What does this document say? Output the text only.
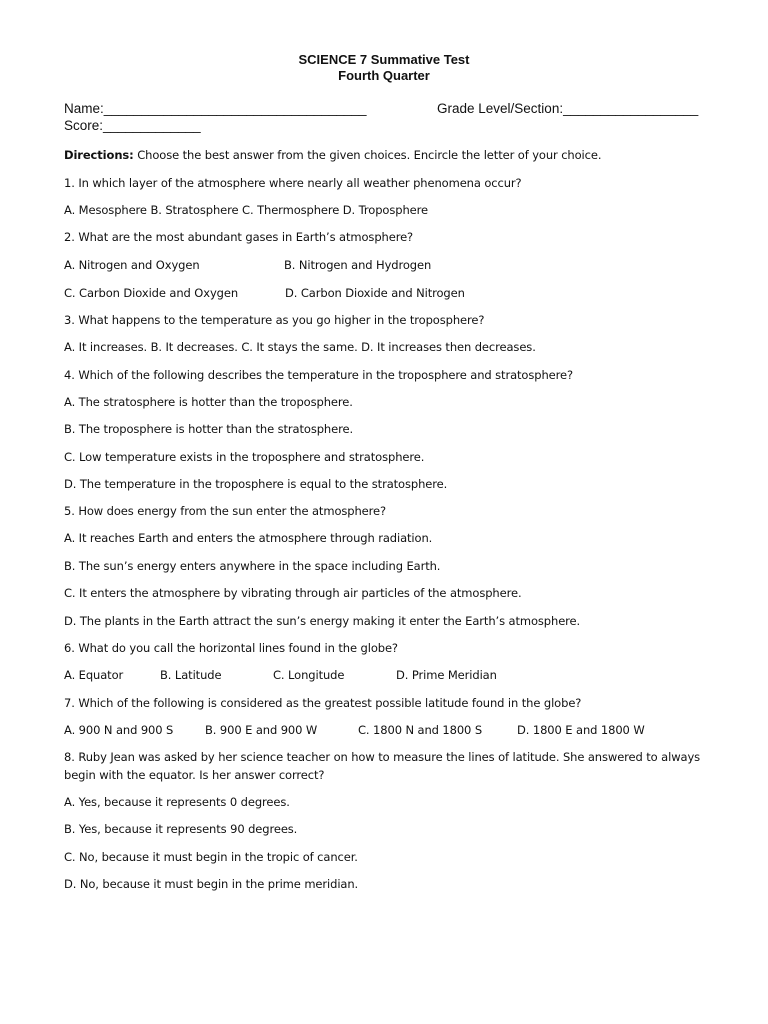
SCIENCE 7 Summative Test
Fourth Quarter
Name:___________________________________	Grade Level/Section:__________________
Score:_____________
Directions: Choose the best answer from the given choices. Encircle the letter of your choice.
1. In which layer of the atmosphere where nearly all weather phenomena occur?
A. Mesosphere B. Stratosphere C. Thermosphere D. Troposphere
2. What are the most abundant gases in Earth’s atmosphere?
A. Nitrogen and Oxygen	B. Nitrogen and Hydrogen
C. Carbon Dioxide and Oxygen	D. Carbon Dioxide and Nitrogen
3. What happens to the temperature as you go higher in the troposphere?
A. It increases. B. It decreases. C. It stays the same. D. It increases then decreases.
4. Which of the following describes the temperature in the troposphere and stratosphere?
A. The stratosphere is hotter than the troposphere.
B. The troposphere is hotter than the stratosphere.
C. Low temperature exists in the troposphere and stratosphere.
D. The temperature in the troposphere is equal to the stratosphere.
5. How does energy from the sun enter the atmosphere?
A. It reaches Earth and enters the atmosphere through radiation.
B. The sun’s energy enters anywhere in the space including Earth.
C. It enters the atmosphere by vibrating through air particles of the atmosphere.
D. The plants in the Earth attract the sun’s energy making it enter the Earth’s atmosphere.
6. What do you call the horizontal lines found in the globe?
A. Equator	B. Latitude	C. Longitude	D. Prime Meridian
7. Which of the following is considered as the greatest possible latitude found in the globe?
A. 900 N and 900 S	B. 900 E and 900 W	C. 1800 N and 1800 S	D. 1800 E and 1800 W
8. Ruby Jean was asked by her science teacher on how to measure the lines of latitude. She answered to always begin with the equator. Is her answer correct?
A. Yes, because it represents 0 degrees.
B. Yes, because it represents 90 degrees.
C. No, because it must begin in the tropic of cancer.
D. No, because it must begin in the prime meridian.
